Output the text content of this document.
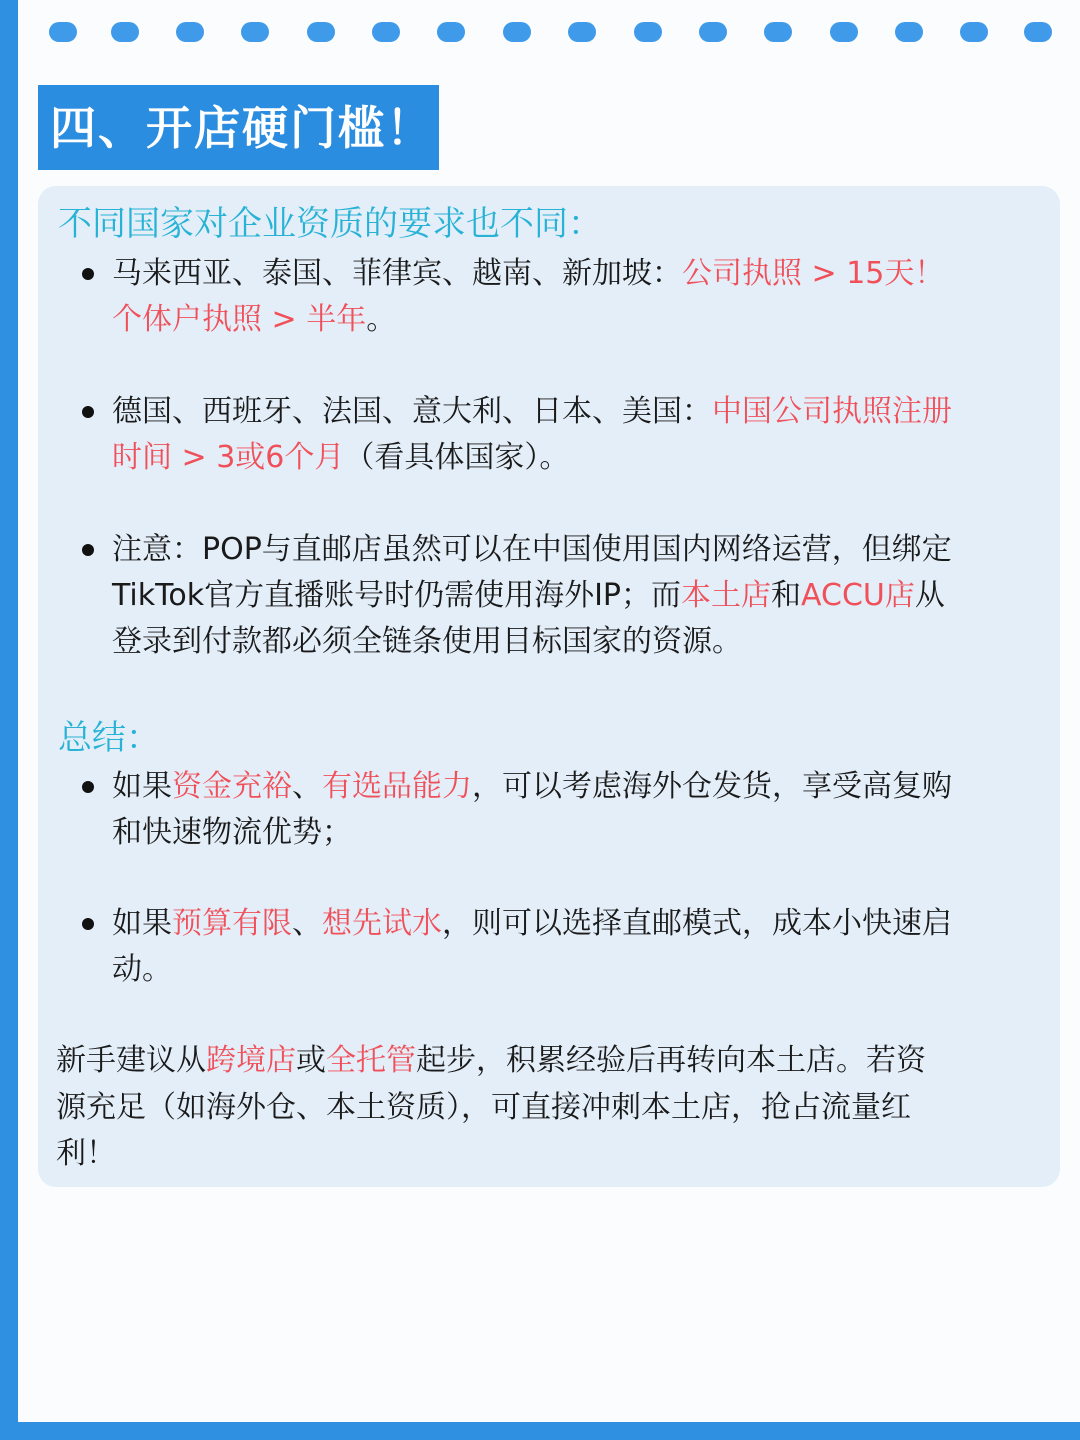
四、开店硬门槛！
不同国家对企业资质的要求也不同：
马来西亚、泰国、菲律宾、越南、新加坡：公司执照 > 15天！
个体户执照 > 半年。
德国、西班牙、法国、意大利、日本、美国：中国公司执照注册
时间 > 3或6个月（看具体国家）。
注意：POP与直邮店虽然可以在中国使用国内网络运营，但绑定
TikTok官方直播账号时仍需使用海外IP；而本土店和ACCU店从
登录到付款都必须全链条使用目标国家的资源。
总结：
如果资金充裕、有选品能力，可以考虑海外仓发货，享受高复购
和快速物流优势；
如果预算有限、想先试水，则可以选择直邮模式，成本小快速启
动。
新手建议从跨境店或全托管起步，积累经验后再转向本土店。若资
源充足（如海外仓、本土资质），可直接冲刺本土店，抢占流量红
利！
